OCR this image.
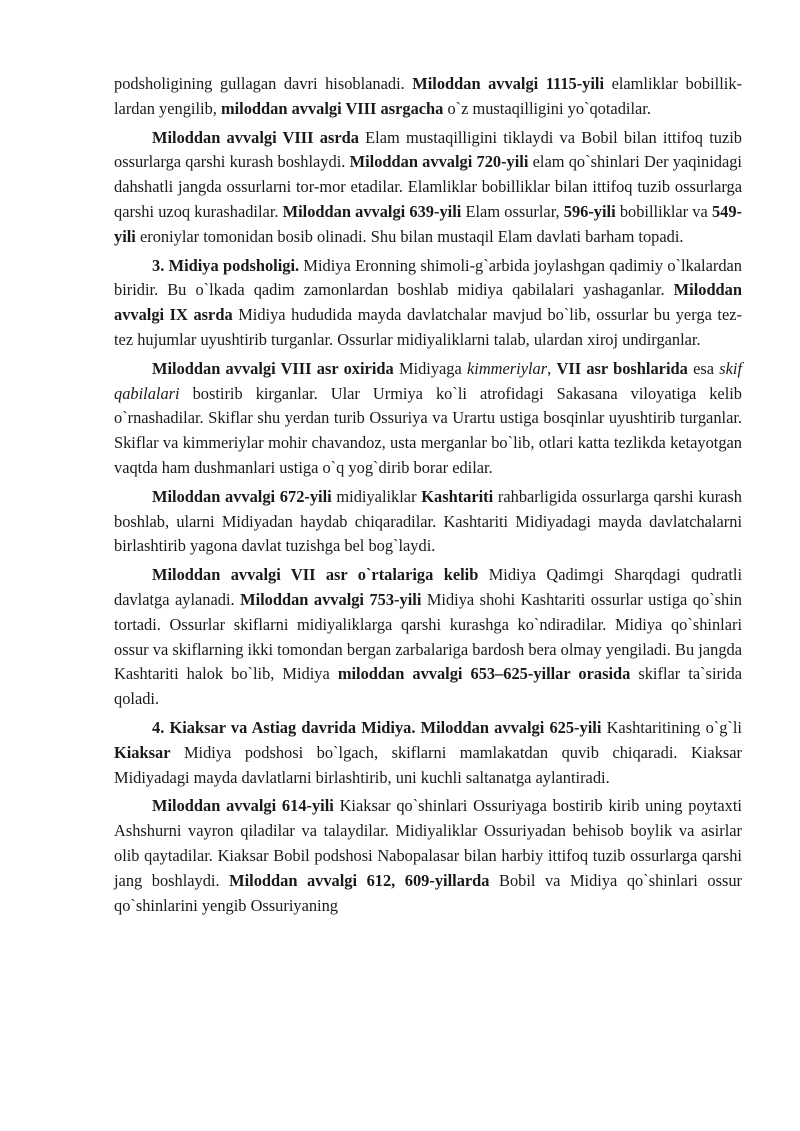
podsholigining gullagan davri hisoblanadi. Miloddan avvalgi 1115-yili elamliklar bobillik-lardan yengilib, miloddan avvalgi VIII asrgacha o`z mustaqilligini yo`qotadilar.

Miloddan avvalgi VIII asrda Elam mustaqilligini tiklaydi va Bobil bilan ittifoq tuzib ossurlarga qarshi kurash boshlaydi. Miloddan avvalgi 720-yili elam qo`shinlari Der yaqinidagi dahshatli jangda ossurlarni tor-mor etadilar. Elamliklar bobilliklar bilan ittifoq tuzib ossurlarga qarshi uzoq kurashadilar. Miloddan avvalgi 639-yili Elam ossurlar, 596-yili bobilliklar va 549-yili eroniylar tomonidan bosib olinadi. Shu bilan mustaqil Elam davlati barham topadi.

3. Midiya podsholigi. Midiya Eronning shimoli-g`arbida joylashgan qadimiy o`lkalardan biridir. Bu o`lkada qadim zamonlardan boshlab midiya qabilalari yashaganlar. Miloddan avvalgi IX asrda Midiya hududida mayda davlatchalar mavjud bo`lib, ossurlar bu yerga tez-tez hujumlar uyushtirib turganlar. Ossurlar midiyaliklarni talab, ulardan xiroj undirganlar.

Miloddan avvalgi VIII asr oxirida Midiyaga kimmeriylar, VII asr boshlarida esa skif qabilalari bostirib kirganlar. Ular Urmiya ko`li atrofidagi Sakasana viloyatiga kelib o`rnashadilar. Skiflar shu yerdan turib Ossuriya va Urartu ustiga bosqinlar uyushtirib turganlar. Skiflar va kimmeriylar mohir chavandoz, usta merganlar bo`lib, otlari katta tezlikda ketayotgan vaqtda ham dushmanlari ustiga o`q yog`dirib borar edilar.

Miloddan avvalgi 672-yili midiyaliklar Kashtariti rahbarligida ossurlarga qarshi kurash boshlab, ularni Midiyadan haydab chiqaradilar. Kashtariti Midiyadagi mayda davlatchalarni birlashtirib yagona davlat tuzishga bel bog`laydi.

Miloddan avvalgi VII asr o`rtalariga kelib Midiya Qadimgi Sharqdagi qudratli davlatga aylanadi. Miloddan avvalgi 753-yili Midiya shohi Kashtariti ossurlar ustiga qo`shin tortadi. Ossurlar skiflarni midiyaliklarga qarshi kurashga ko`ndiradilar. Midiya qo`shinlari ossur va skiflarning ikki tomondan bergan zarbalariga bardosh bera olmay yengiladi. Bu jangda Kashtariti halok bo`lib, Midiya miloddan avvalgi 653–625-yillar orasida skiflar ta`sirida qoladi.

4. Kiaksar va Astiag davrida Midiya. Miloddan avvalgi 625-yili Kashtaritining o`g`li Kiaksar Midiya podshosi bo`lgach, skiflarni mamlakatdan quvib chiqaradi. Kiaksar Midiyadagi mayda davlatlarni birlashtirib, uni kuchli saltanatga aylantiradi.

Miloddan avvalgi 614-yili Kiaksar qo`shinlari Ossuriyaga bostirib kirib uning poytaxti Ashshurni vayron qiladilar va talaydilar. Midiyaliklar Ossuriyadan behisob boylik va asirlar olib qaytadilar. Kiaksar Bobil podshosi Nabopalasar bilan harbiy ittifoq tuzib ossurlarga qarshi jang boshlaydi. Miloddan avvalgi 612, 609-yillarda Bobil va Midiya qo`shinlari ossur qo`shinlarini yengib Ossuriyaning
